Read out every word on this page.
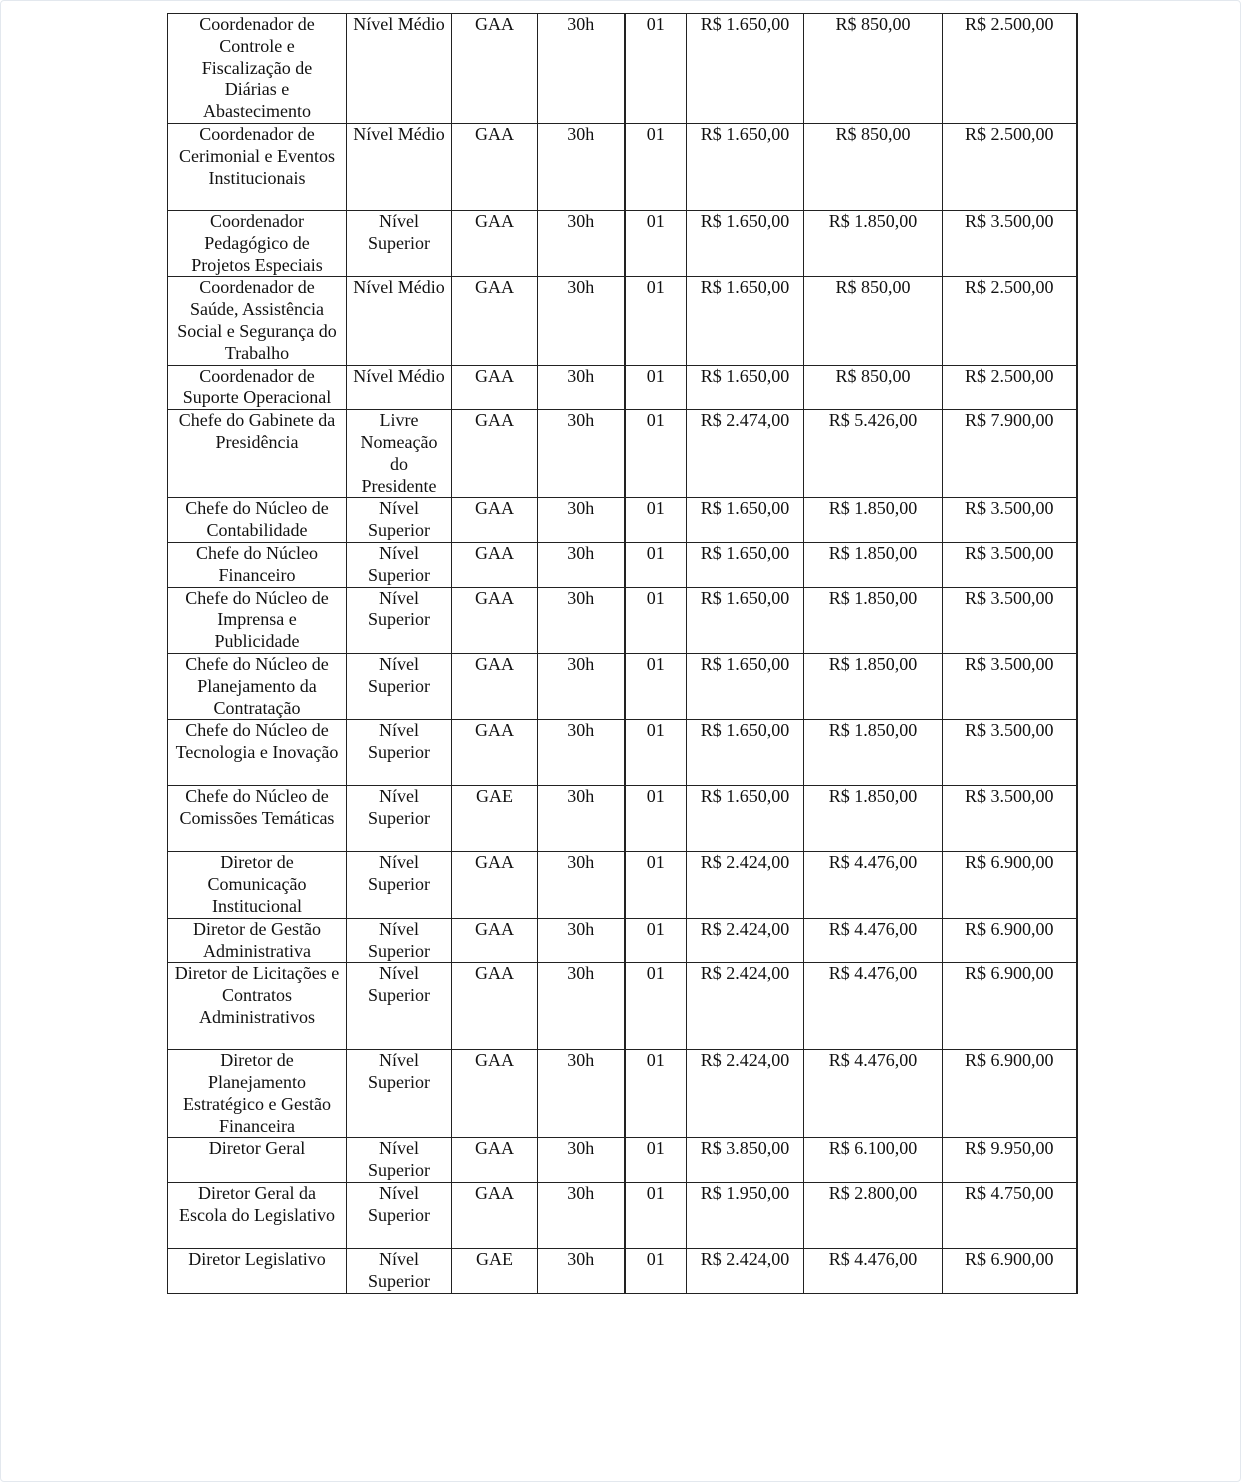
Coordenador de Controle e Fiscalização de Diárias e Abastecimento	Nível Médio	GAA	30h	01	R$ 1.650,00	R$ 850,00	R$ 2.500,00
Coordenador de Cerimonial e Eventos Institucionais	Nível Médio	GAA	30h	01	R$ 1.650,00	R$ 850,00	R$ 2.500,00
Coordenador Pedagógico de Projetos Especiais	Nível Superior	GAA	30h	01	R$ 1.650,00	R$ 1.850,00	R$ 3.500,00
Coordenador de Saúde, Assistência Social e Segurança do Trabalho	Nível Médio	GAA	30h	01	R$ 1.650,00	R$ 850,00	R$ 2.500,00
Coordenador de Suporte Operacional	Nível Médio	GAA	30h	01	R$ 1.650,00	R$ 850,00	R$ 2.500,00
Chefe do Gabinete da Presidência	Livre Nomeação do Presidente	GAA	30h	01	R$ 2.474,00	R$ 5.426,00	R$ 7.900,00
Chefe do Núcleo de Contabilidade	Nível Superior	GAA	30h	01	R$ 1.650,00	R$ 1.850,00	R$ 3.500,00
Chefe do Núcleo Financeiro	Nível Superior	GAA	30h	01	R$ 1.650,00	R$ 1.850,00	R$ 3.500,00
Chefe do Núcleo de Imprensa e Publicidade	Nível Superior	GAA	30h	01	R$ 1.650,00	R$ 1.850,00	R$ 3.500,00
Chefe do Núcleo de Planejamento da Contratação	Nível Superior	GAA	30h	01	R$ 1.650,00	R$ 1.850,00	R$ 3.500,00
Chefe do Núcleo de Tecnologia e Inovação	Nível Superior	GAA	30h	01	R$ 1.650,00	R$ 1.850,00	R$ 3.500,00
Chefe do Núcleo de Comissões Temáticas	Nível Superior	GAE	30h	01	R$ 1.650,00	R$ 1.850,00	R$ 3.500,00
Diretor de Comunicação Institucional	Nível Superior	GAA	30h	01	R$ 2.424,00	R$ 4.476,00	R$ 6.900,00
Diretor de Gestão Administrativa	Nível Superior	GAA	30h	01	R$ 2.424,00	R$ 4.476,00	R$ 6.900,00
Diretor de Licitações e Contratos Administrativos	Nível Superior	GAA	30h	01	R$ 2.424,00	R$ 4.476,00	R$ 6.900,00
Diretor de Planejamento Estratégico e Gestão Financeira	Nível Superior	GAA	30h	01	R$ 2.424,00	R$ 4.476,00	R$ 6.900,00
Diretor Geral	Nível Superior	GAA	30h	01	R$ 3.850,00	R$ 6.100,00	R$ 9.950,00
Diretor Geral da Escola do Legislativo	Nível Superior	GAA	30h	01	R$ 1.950,00	R$ 2.800,00	R$ 4.750,00
Diretor Legislativo	Nível Superior	GAE	30h	01	R$ 2.424,00	R$ 4.476,00	R$ 6.900,00
